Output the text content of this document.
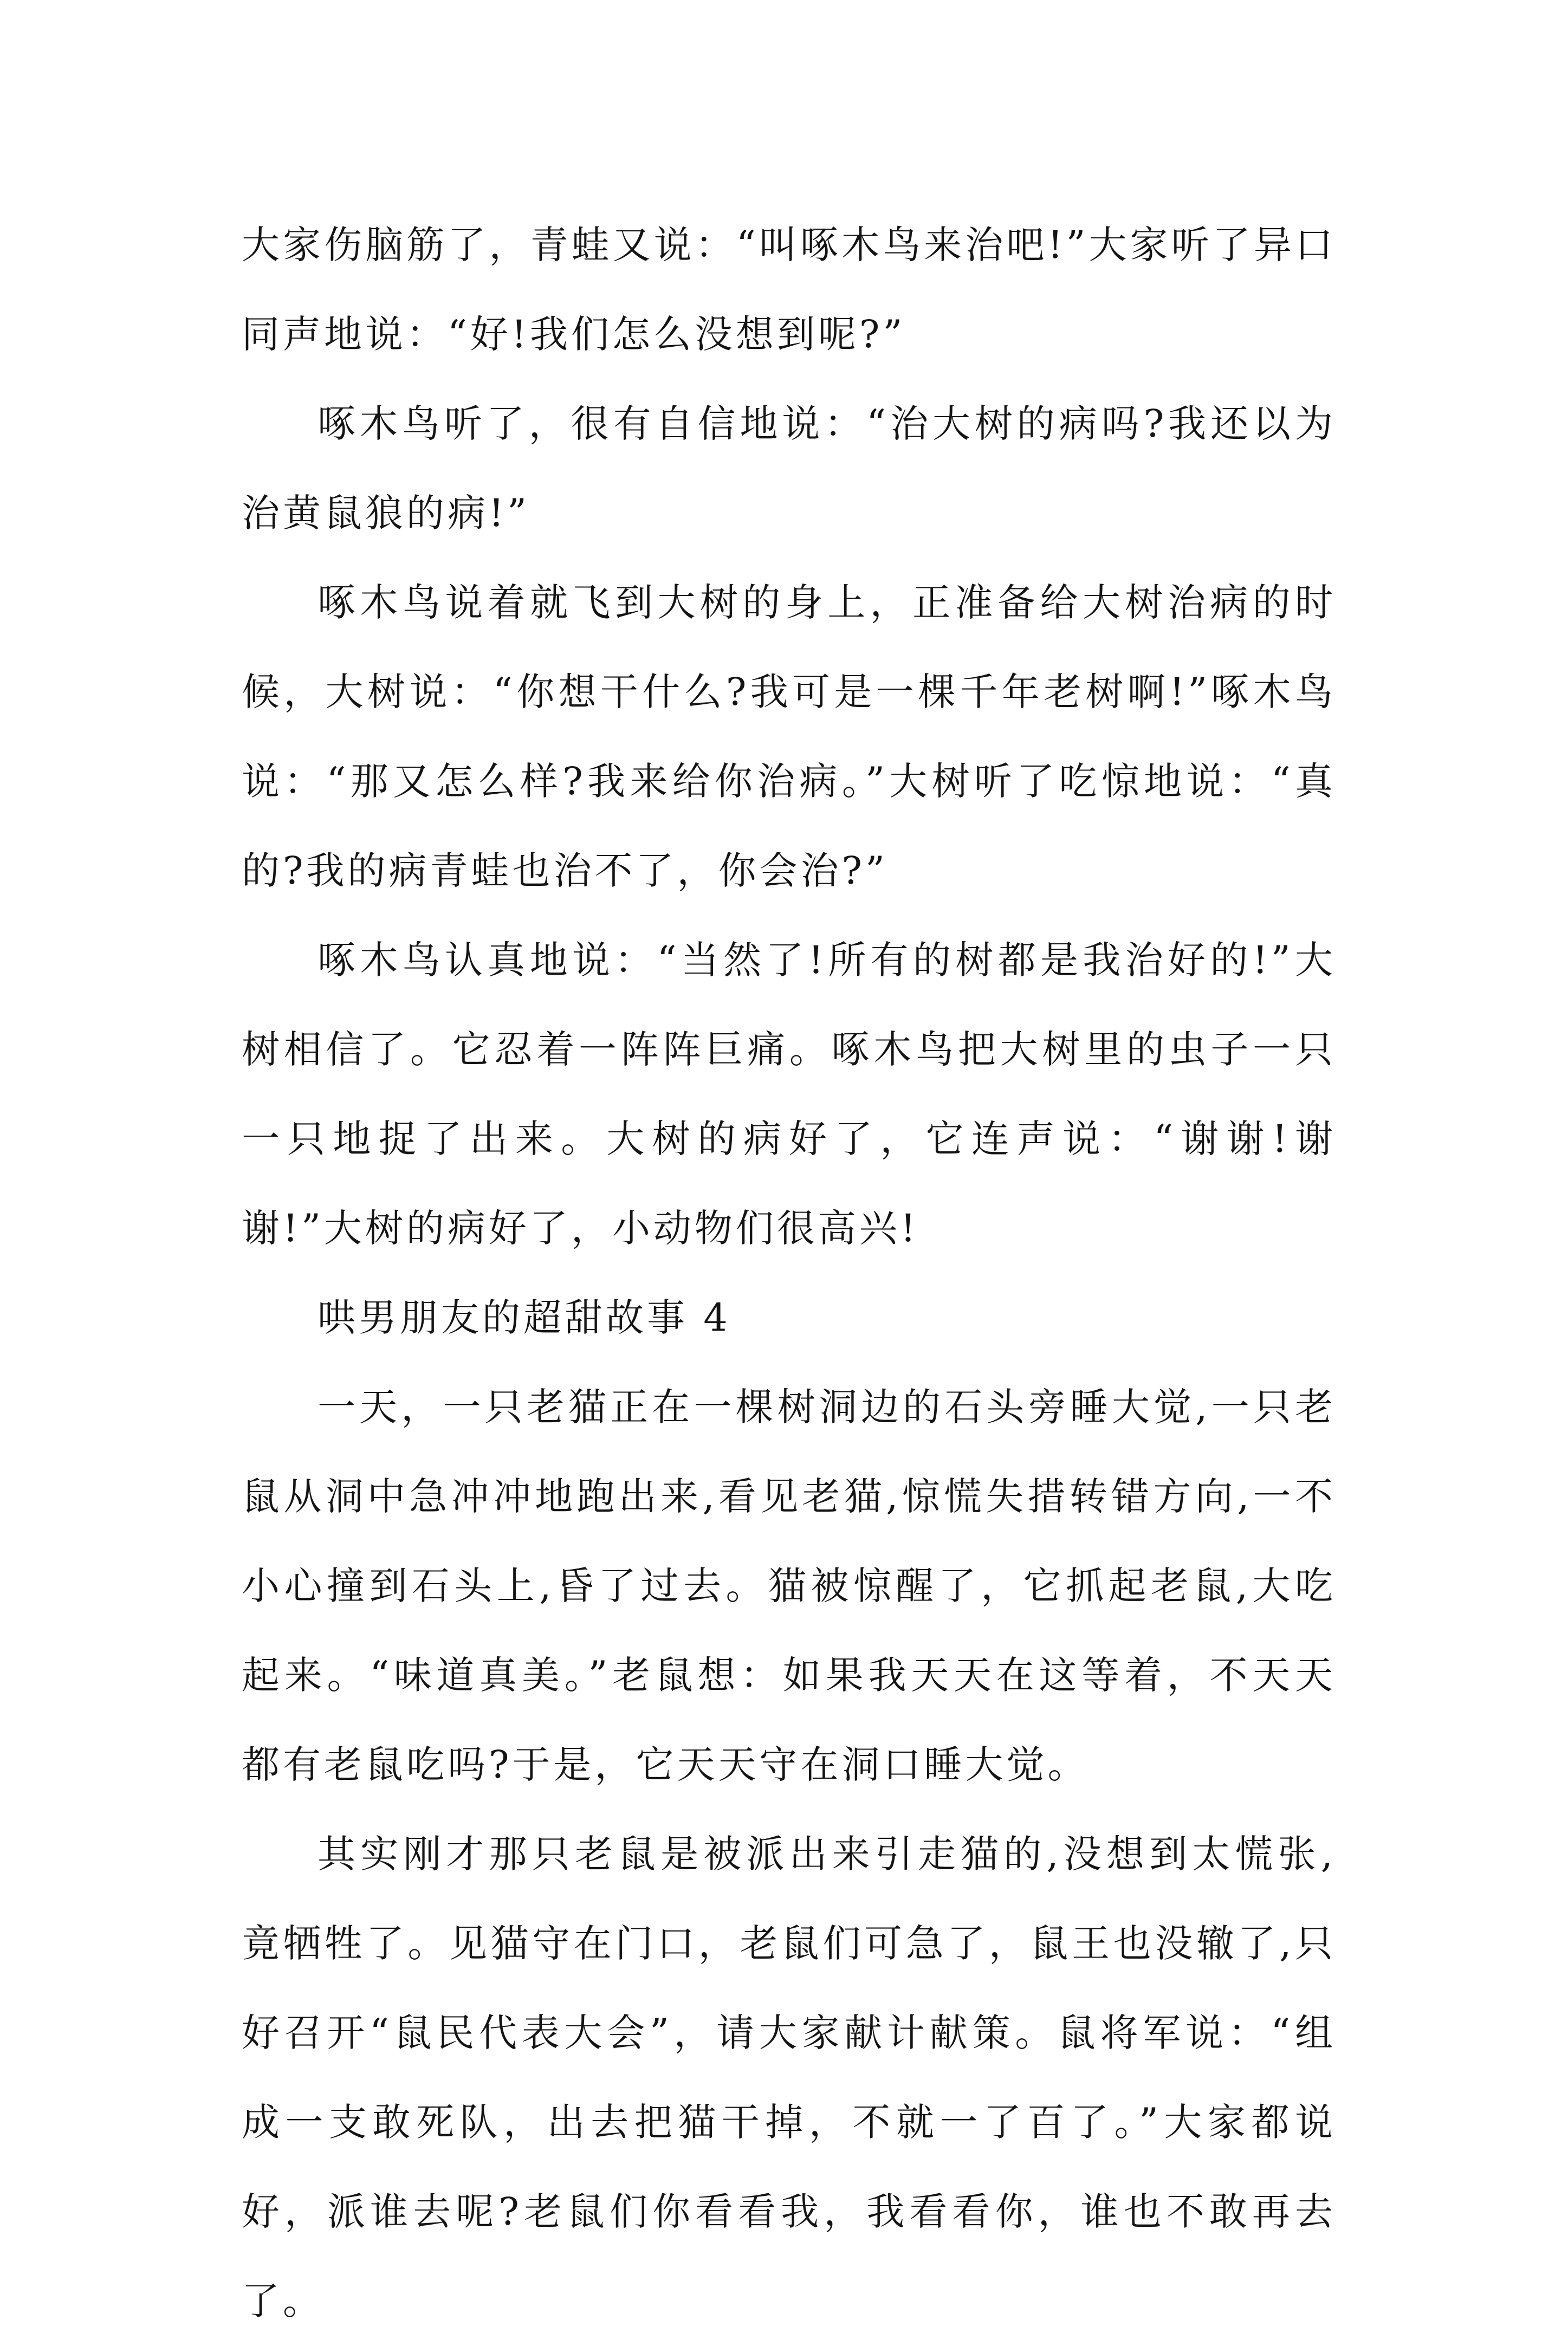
大家伤脑筋了，青蛙又说：“叫啄木鸟来治吧!”大家听了异口同声地说：“好!我们怎么没想到呢?”

啄木鸟听了，很有自信地说：“治大树的病吗?我还以为治黄鼠狼的病!”

啄木鸟说着就飞到大树的身上，正准备给大树治病的时候，大树说：“你想干什么?我可是一棵千年老树啊!”啄木鸟说：“那又怎么样?我来给你治病。”大树听了吃惊地说：“真的?我的病青蛙也治不了，你会治?”

啄木鸟认真地说：“当然了!所有的树都是我治好的!”大树相信了。它忍着一阵阵巨痛。啄木鸟把大树里的虫子一只一只地捉了出来。大树的病好了，它连声说：“谢谢!谢谢!”大树的病好了，小动物们很高兴!

哄男朋友的超甜故事 4

一天，一只老猫正在一棵树洞边的石头旁睡大觉,一只老鼠从洞中急冲冲地跑出来,看见老猫,惊慌失措转错方向,一不小心撞到石头上,昏了过去。猫被惊醒了，它抓起老鼠,大吃起来。“味道真美。”老鼠想：如果我天天在这等着，不天天都有老鼠吃吗?于是，它天天守在洞口睡大觉。

其实刚才那只老鼠是被派出来引走猫的,没想到太慌张,竟牺牲了。见猫守在门口，老鼠们可急了，鼠王也没辙了,只好召开“鼠民代表大会”，请大家献计献策。鼠将军说：“组成一支敢死队，出去把猫干掉，不就一了百了。”大家都说好，派谁去呢?老鼠们你看看我，我看看你，谁也不敢再去了。
